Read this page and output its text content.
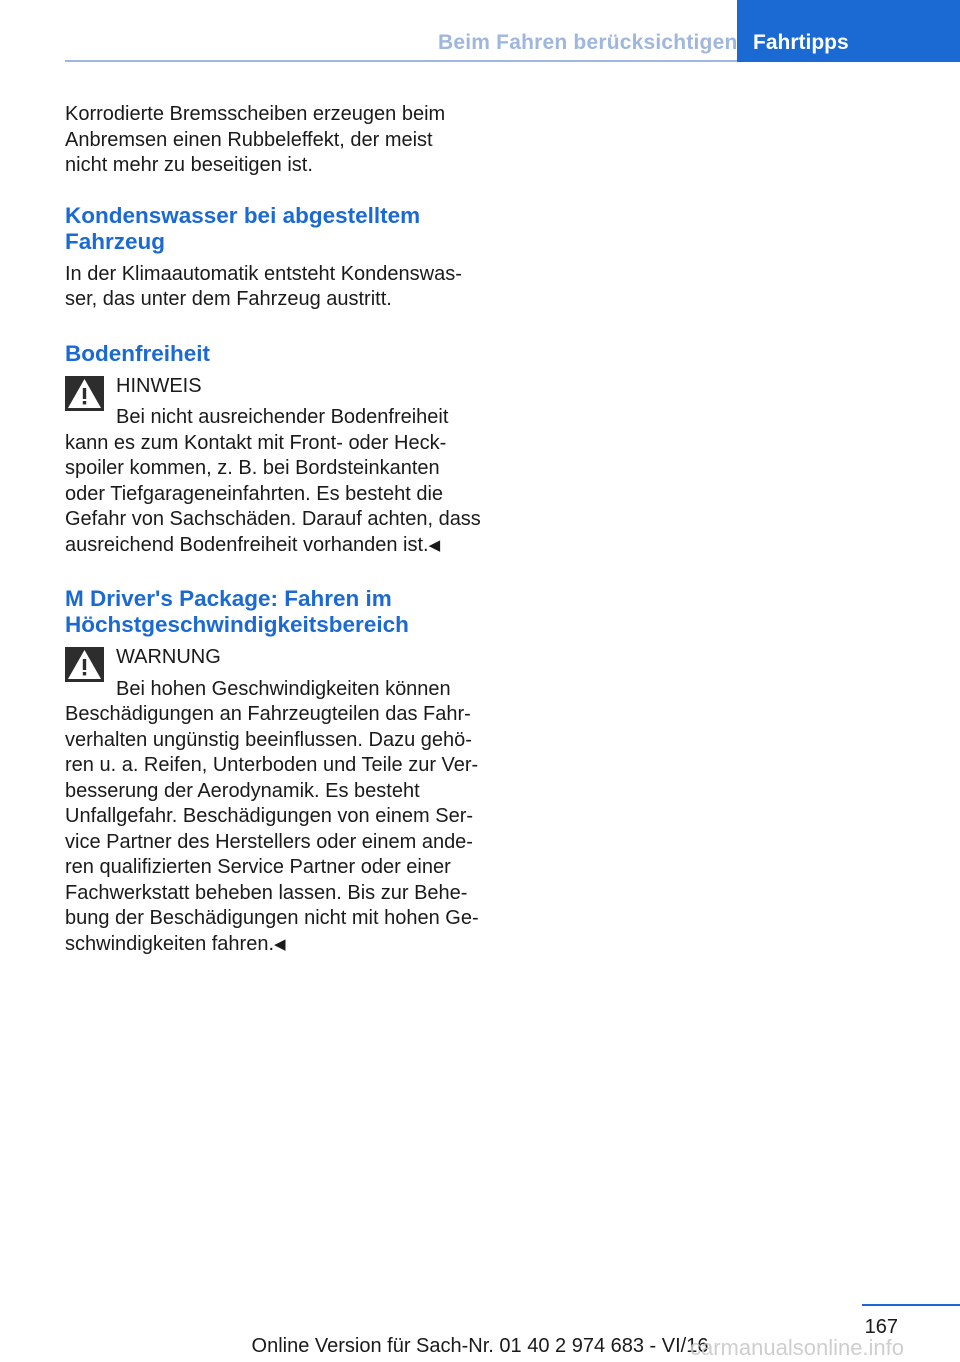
Beim Fahren berücksichtigen Fahrtipps

Korrodierte Bremsscheiben erzeugen beim
Anbremsen einen Rubbeleffekt, der meist
nicht mehr zu beseitigen ist.

Kondenswasser bei abgestelltem
Fahrzeug

In der Klimaautomatik entsteht Kondenswas-
ser, das unter dem Fahrzeug austritt.

Bodenfreiheit

HINWEIS

Bei nicht ausreichender Bodenfreiheit
kann es zum Kontakt mit Front- oder Heck-
spoiler kommen, z. B. bei Bordsteinkanten
oder Tiefgarageneinfahrten. Es besteht die
Gefahr von Sachschäden. Darauf achten, dass
ausreichend Bodenfreiheit vorhanden ist.◀

M Driver's Package: Fahren im
Höchstgeschwindigkeitsbereich

WARNUNG

Bei hohen Geschwindigkeiten können
Beschädigungen an Fahrzeugteilen das Fahr-
verhalten ungünstig beeinflussen. Dazu gehö-
ren u. a. Reifen, Unterboden und Teile zur Ver-
besserung der Aerodynamik. Es besteht
Unfallgefahr. Beschädigungen von einem Ser-
vice Partner des Herstellers oder einem ande-
ren qualifizierten Service Partner oder einer
Fachwerkstatt beheben lassen. Bis zur Behe-
bung der Beschädigungen nicht mit hohen Ge-
schwindigkeiten fahren.◀

167
Online Version für Sach-Nr. 01 40 2 974 683 - VI/16
carmanualsonline.info
